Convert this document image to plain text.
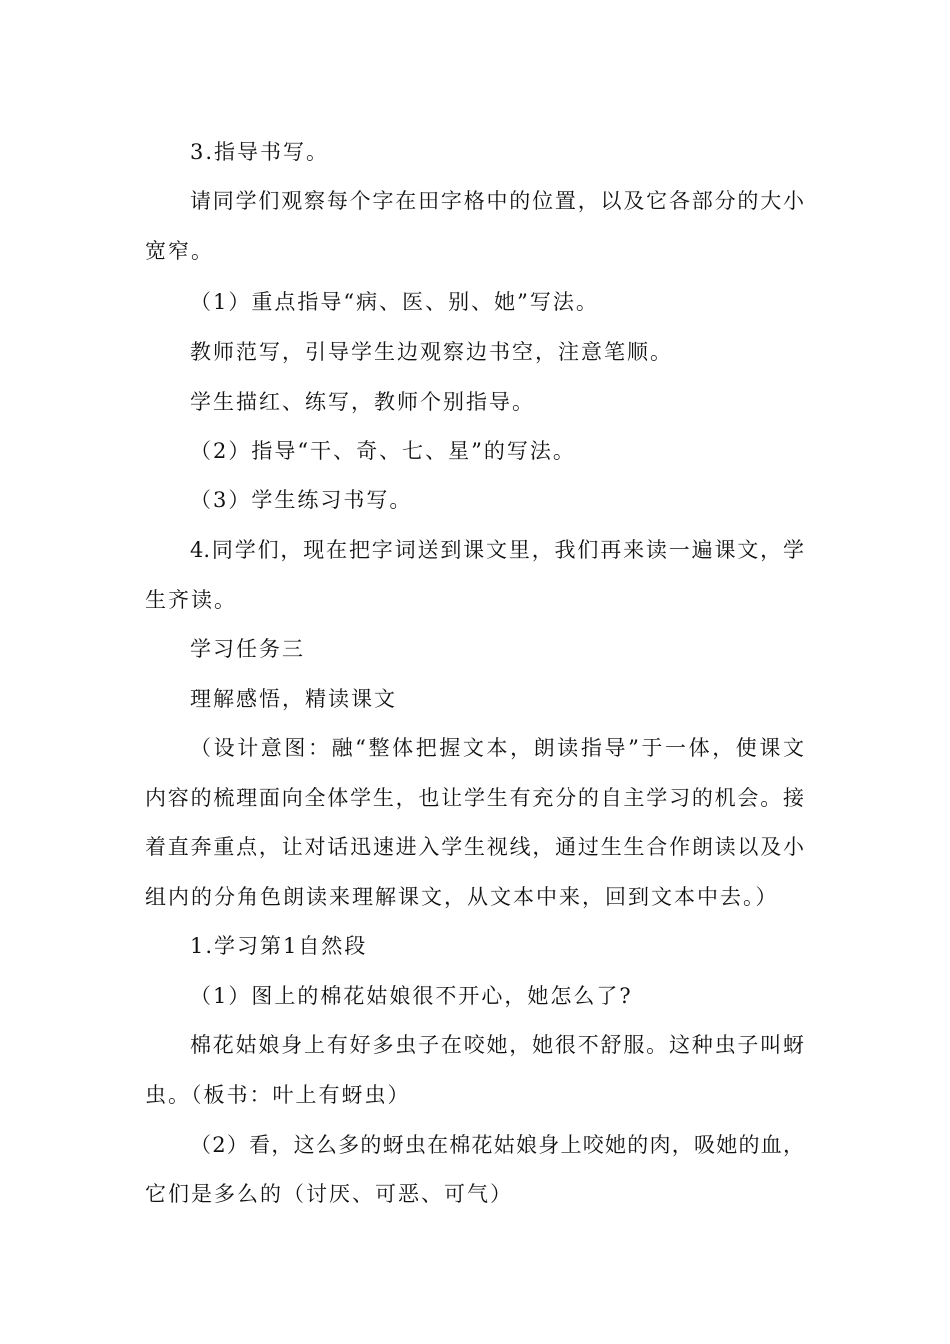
3.指导书写。

请同学们观察每个字在田字格中的位置，以及它各部分的大小

宽窄。

（1）重点指导“病、医、别、她”写法。

教师范写，引导学生边观察边书空，注意笔顺。

学生描红、练写，教师个别指导。

（2）指导“干、奇、七、星”的写法。

（3）学生练习书写。

4.同学们，现在把字词送到课文里，我们再来读一遍课文，学

生齐读。

学习任务三

理解感悟，精读课文

（设计意图：融“整体把握文本，朗读指导”于一体，使课文

内容的梳理面向全体学生，也让学生有充分的自主学习的机会。接

着直奔重点，让对话迅速进入学生视线，通过生生合作朗读以及小

组内的分角色朗读来理解课文，从文本中来，回到文本中去。）

1.学习第1自然段

（1）图上的棉花姑娘很不开心，她怎么了?

棉花姑娘身上有好多虫子在咬她，她很不舒服。这种虫子叫蚜

虫。（板书：叶上有蚜虫）

（2）看，这么多的蚜虫在棉花姑娘身上咬她的肉，吸她的血，

它们是多么的（讨厌、可恶、可气）
